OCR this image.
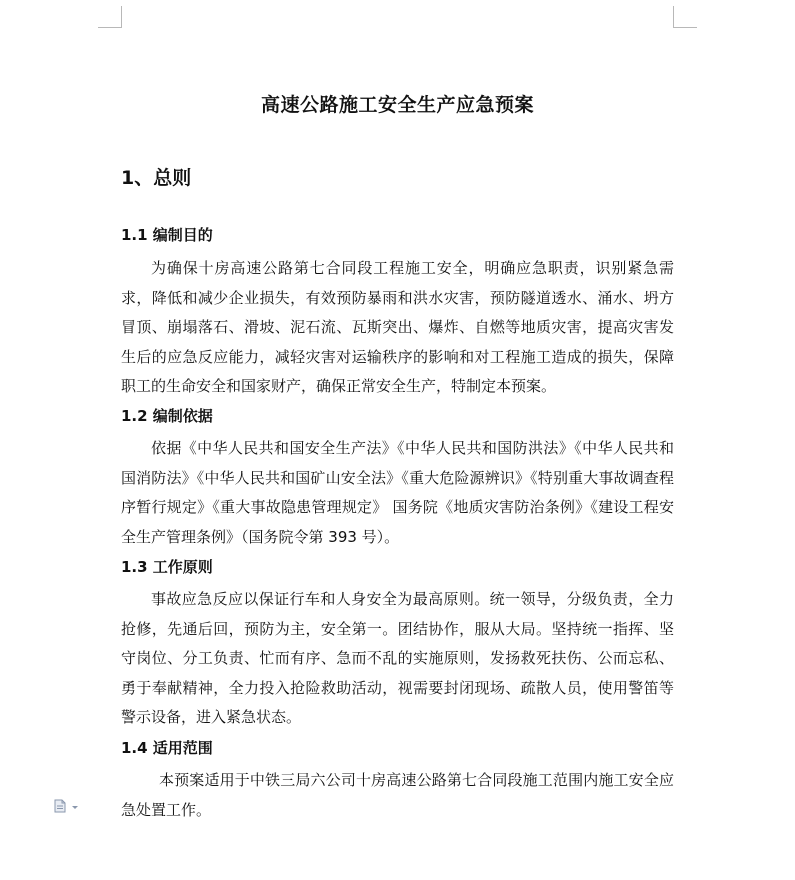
高速公路施工安全生产应急预案
1、总则
1.1 编制目的

为确保十房高速公路第七合同段工程施工安全，明确应急职责，识别紧急需求，降低和减少企业损失，有效预防暴雨和洪水灾害，预防隧道透水、涌水、坍方冒顶、崩塌落石、滑坡、泥石流、瓦斯突出、爆炸、自燃等地质灾害，提高灾害发生后的应急反应能力，减轻灾害对运输秩序的影响和对工程施工造成的损失，保障职工的生命安全和国家财产，确保正常安全生产，特制定本预案。

1.2 编制依据

依据《中华人民共和国安全生产法》《中华人民共和国防洪法》《中华人民共和国消防法》《中华人民共和国矿山安全法》《重大危险源辨识》《特别重大事故调查程序暂行规定》《重大事故隐患管理规定》 国务院《地质灾害防治条例》《建设工程安全生产管理条例》（国务院令第 393 号）。

1.3 工作原则

事故应急反应以保证行车和人身安全为最高原则。统一领导，分级负责，全力抢修，先通后回，预防为主，安全第一。团结协作，服从大局。坚持统一指挥、坚守岗位、分工负责、忙而有序、急而不乱的实施原则，发扬救死扶伤、公而忘私、勇于奉献精神，全力投入抢险救助活动，视需要封闭现场、疏散人员，使用警笛等警示设备，进入紧急状态。

1.4 适用范围

本预案适用于中铁三局六公司十房高速公路第七合同段施工范围内施工安全应急处置工作。
